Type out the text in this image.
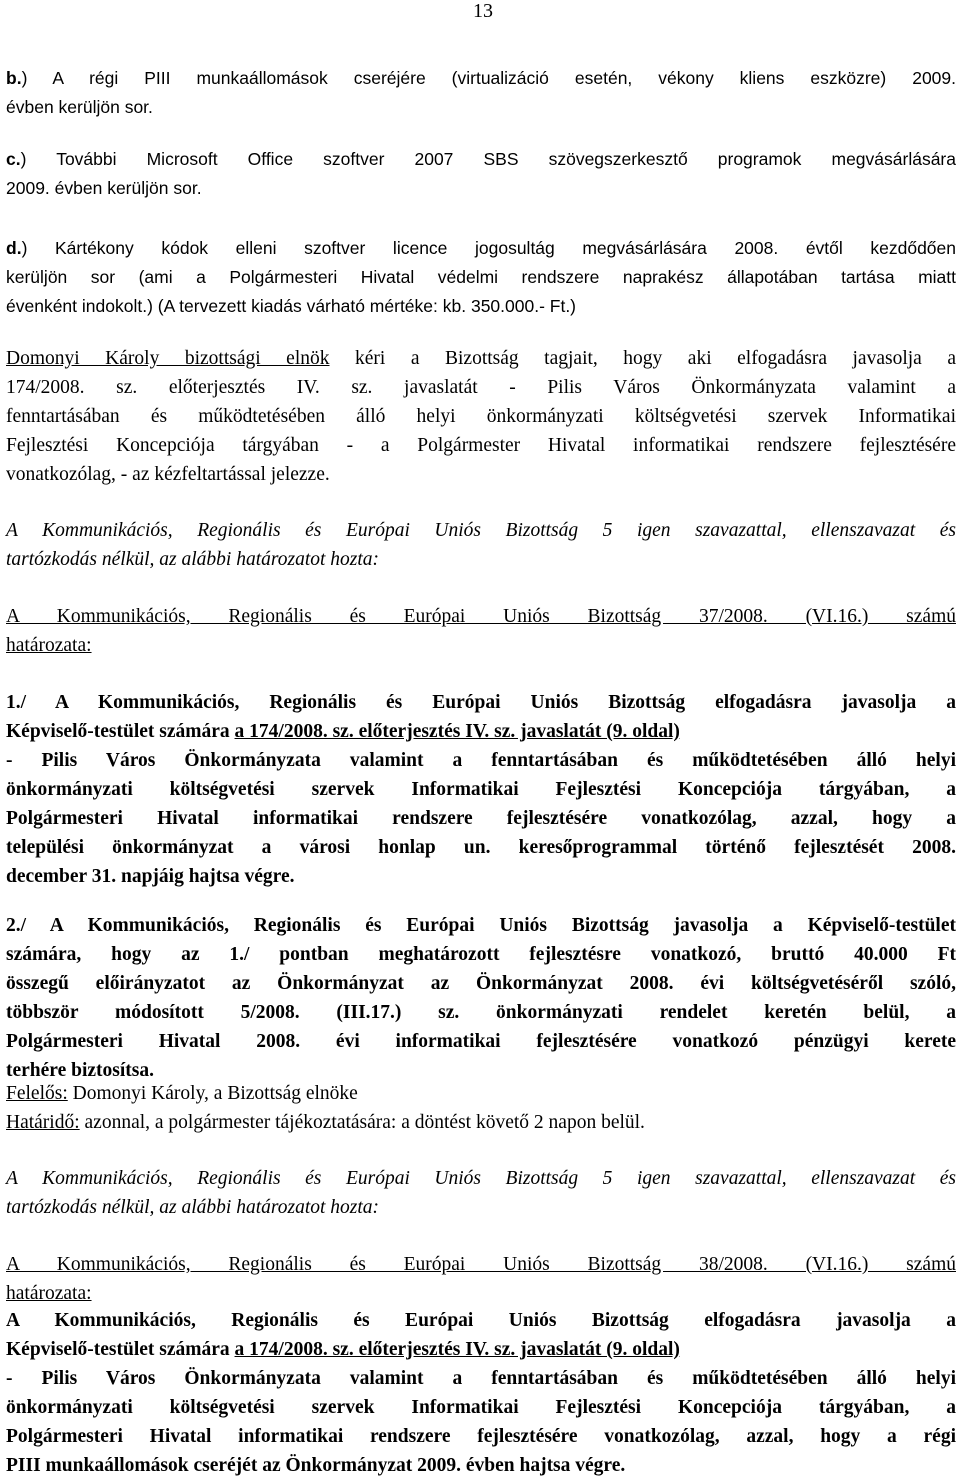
13
b.) A régi PIII munkaállomások cseréjére (virtualizáció esetén, vékony kliens eszközre) 2009.
évben kerüljön sor.
c.) További Microsoft Office szoftver 2007 SBS szövegszerkesztő programok megvásárlására
2009. évben kerüljön sor.
d.) Kártékony kódok elleni szoftver licence jogosultág megvásárlására 2008. évtől kezdődően
kerüljön sor (ami a Polgármesteri Hivatal védelmi rendszere naprakész állapotában tartása miatt
évenként indokolt.) (A tervezett kiadás várható mértéke: kb. 350.000.- Ft.)
Domonyi Károly bizottsági elnök kéri a Bizottság tagjait, hogy aki elfogadásra javasolja a
174/2008. sz. előterjesztés IV. sz. javaslatát - Pilis Város Önkormányzata valamint a
fenntartásában és működtetésében álló helyi önkormányzati költségvetési szervek Informatikai
Fejlesztési Koncepciója tárgyában - a Polgármester Hivatal informatikai rendszere fejlesztésére
vonatkozólag, - az kézfeltartással jelezze.
A Kommunikációs, Regionális és Európai Uniós Bizottság 5 igen szavazattal, ellenszavazat és
tartózkodás nélkül, az alábbi határozatot hozta:
A Kommunikációs, Regionális és Európai Uniós Bizottság 37/2008. (VI.16.) számú
határozata:
1./ A Kommunikációs, Regionális és Európai Uniós Bizottság elfogadásra javasolja a
Képviselő-testület számára a 174/2008. sz. előterjesztés IV. sz. javaslatát (9. oldal)
- Pilis Város Önkormányzata valamint a fenntartásában és működtetésében álló helyi
önkormányzati költségvetési szervek Informatikai Fejlesztési Koncepciója tárgyában, a
Polgármesteri Hivatal informatikai rendszere fejlesztésére vonatkozólag, azzal, hogy a
települési önkormányzat a városi honlap un. keresőprogrammal történő fejlesztését 2008.
december 31. napjáig hajtsa végre.
2./ A Kommunikációs, Regionális és Európai Uniós Bizottság javasolja a Képviselő-testület
számára, hogy az 1./ pontban meghatározott fejlesztésre vonatkozó, bruttó 40.000 Ft
összegű előirányzatot az Önkormányzat az Önkormányzat 2008. évi költségvetéséről szóló,
többször módosított 5/2008. (III.17.) sz. önkormányzati rendelet keretén belül, a
Polgármesteri Hivatal 2008. évi informatikai fejlesztésére vonatkozó pénzügyi kerete
terhére biztosítsa.
Felelős: Domonyi Károly, a Bizottság elnöke
Határidő: azonnal, a polgármester tájékoztatására: a döntést követő 2 napon belül.
A Kommunikációs, Regionális és Európai Uniós Bizottság 5 igen szavazattal, ellenszavazat és
tartózkodás nélkül, az alábbi határozatot hozta:
A Kommunikációs, Regionális és Európai Uniós Bizottság 38/2008. (VI.16.) számú
határozata:
A Kommunikációs, Regionális és Európai Uniós Bizottság elfogadásra javasolja a
Képviselő-testület számára a 174/2008. sz. előterjesztés IV. sz. javaslatát (9. oldal)
- Pilis Város Önkormányzata valamint a fenntartásában és működtetésében álló helyi
önkormányzati költségvetési szervek Informatikai Fejlesztési Koncepciója tárgyában, a
Polgármesteri Hivatal informatikai rendszere fejlesztésére vonatkozólag, azzal, hogy a régi
PIII munkaállomások cseréjét az Önkormányzat 2009. évben hajtsa végre.
